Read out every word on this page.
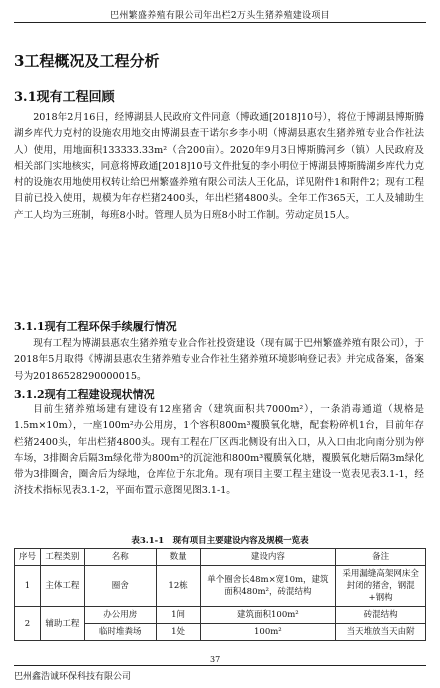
巴州繁盛养殖有限公司年出栏2万头生猪养殖建设项目
3工程概况及工程分析
3.1现有工程回顾

2018年2月16日，经博湖县人民政府文件同意（博政通[2018]10号），将位于博湖县博斯腾湖乡库代力克村的设施农用地交由博湖县查干诺尔乡李小明（博湖县惠农生猪养殖专业合作社法人）使用，用地面积133333.33m²（合200亩）。2020年9月3日博斯腾河乡（镇）人民政府及相关部门实地核实，同意将博政通[2018]10号文件批复的李小明位于博湖县博斯腾湖乡库代力克村的设施农用地使用权转让给巴州繁盛养殖有限公司法人王化品，详见附件1和附件2；现有工程目前已投入使用，规模为年存栏猪2400头，年出栏猪4800头。全年工作365天，工人及辅助生产工人均为三班制，每班8小时。管理人员为日班8小时工作制。劳动定员15人。

3.1.1现有工程环保手续履行情况

现有工程为博湖县惠农生猪养殖专业合作社投资建设（现有属于巴州繁盛养殖有限公司），于2018年5月取得《博湖县惠农生猪养殖专业合作社生猪养殖环境影响登记表》并完成备案，备案号为20186528290000015。

3.1.2现有工程建设现状情况

目前生猪养殖场建有建设有12座猪舍（建筑面积共7000m²），一条消毒通道（规格是1.5m×10m），一座100m²办公用房，1个容积800m³覆膜氧化塘，配套粉碎机1台，目前年存栏猪2400头，年出栏猪4800头。现有工程在厂区西北侧设有出入口，从入口由北向南分别为停车场，3排圈舍后隔3m绿化带为800m³的沉淀池和800m³覆膜氧化塘，覆膜氧化塘后隔3m绿化带为3排圈舍，圈舍后为绿地，仓库位于东北角。现有项目主要工程主建设一览表见表3.1-1，经济技术指标见表3.1-2，平面布置示意图见图3.1-1。

表3.1-1　现有项目主要建设内容及规模一览表
序号	工程类别	名称	数量	建设内容	备注
1	主体工程	圈舍	12栋	单个圈舍长48m×宽10m，建筑面积480m²，砖混结构	采用漏缝高架网床全封闭的猪舍，钢混+钢构
2	辅助工程	办公用房	1间	建筑面积100m²	砖混结构
		临时堆粪场	1处	100m²	当天堆放当天由附
37
巴州鑫浩诚环保科技有限公司
